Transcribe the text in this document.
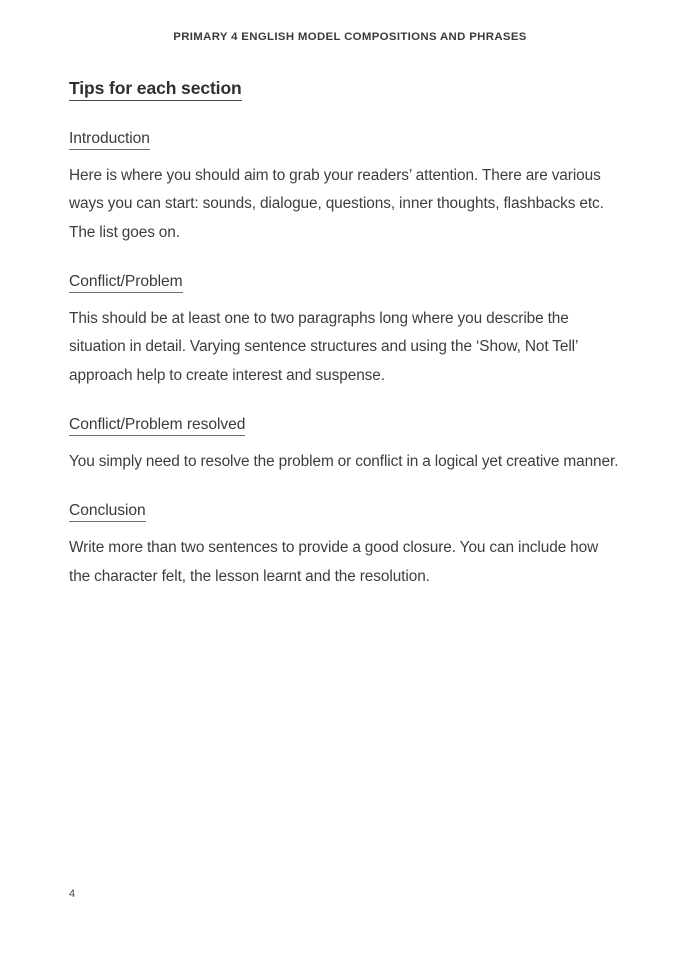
PRIMARY 4 ENGLISH MODEL COMPOSITIONS AND PHRASES
Tips for each section
Introduction

Here is where you should aim to grab your readers’ attention. There are various ways you can start: sounds, dialogue, questions, inner thoughts, flashbacks etc. The list goes on.

Conflict/Problem

This should be at least one to two paragraphs long where you describe the situation in detail. Varying sentence structures and using the ‘Show, Not Tell’ approach help to create interest and suspense.

Conflict/Problem resolved

You simply need to resolve the problem or conflict in a logical yet creative manner.

Conclusion

Write more than two sentences to provide a good closure. You can include how the character felt, the lesson learnt and the resolution.

4
